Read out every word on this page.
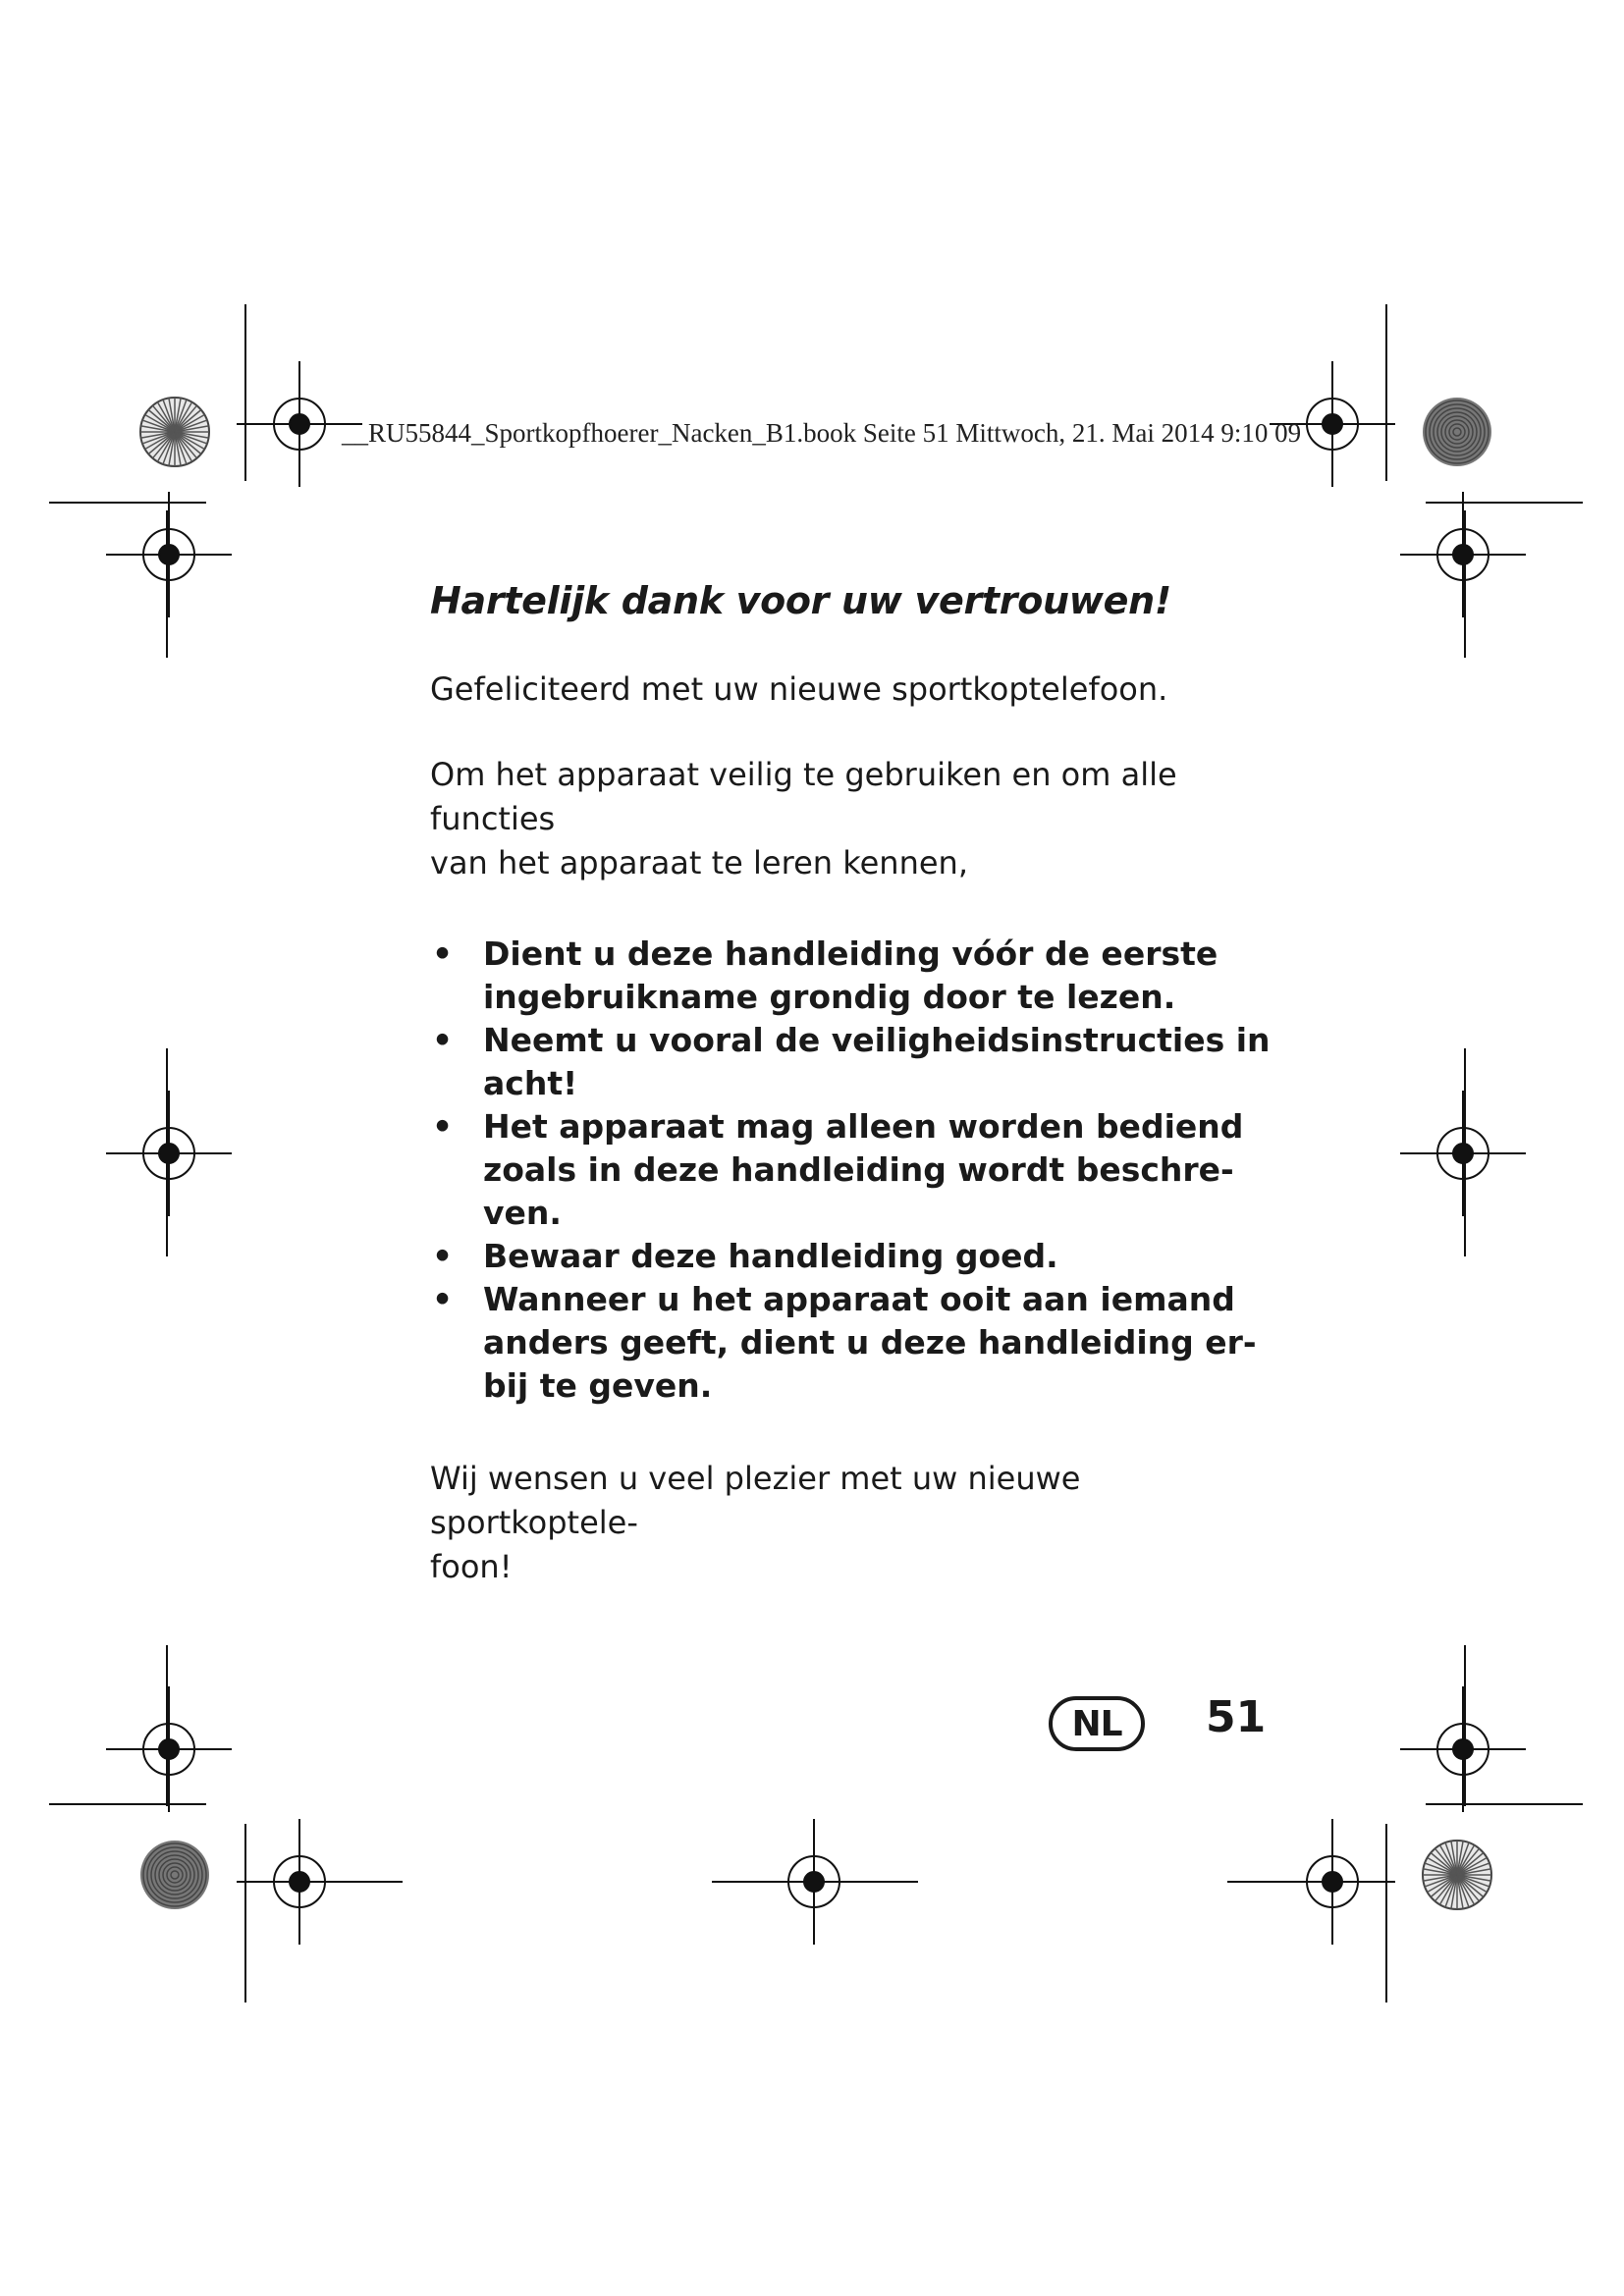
__RU55844_Sportkopfhoerer_Nacken_B1.book Seite 51 Mittwoch, 21. Mai 2014 9:10 09
Hartelijk dank voor uw vertrouwen!

Gefeliciteerd met uw nieuwe sportkoptelefoon.

Om het apparaat veilig te gebruiken en om alle functies
van het apparaat te leren kennen,

• Dient u deze handleiding vóór de eerste
ingebruikname grondig door te lezen.
• Neemt u vooral de veiligheidsinstructies in
acht!
• Het apparaat mag alleen worden bediend
zoals in deze handleiding wordt beschre-
ven.
• Bewaar deze handleiding goed.
• Wanneer u het apparaat ooit aan iemand
anders geeft, dient u deze handleiding er-
bij te geven.

Wij wensen u veel plezier met uw nieuwe sportkoptele-
foon!

NL	51
